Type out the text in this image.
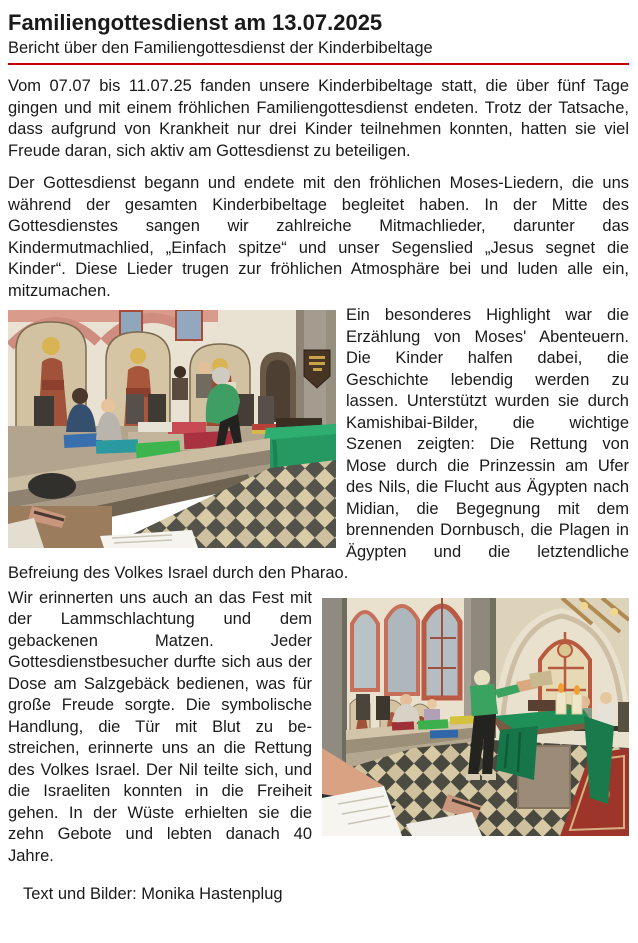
Familiengottesdienst am 13.07.2025

Bericht über den Familiengottesdienst der Kinderbibeltage

Vom 07.07 bis 11.07.25 fanden unsere Kinderbibeltage statt, die über fünf Tage gingen und mit einem fröhlichen Familiengottesdienst endeten. Trotz der Tatsache, dass aufgrund von Krankheit nur drei Kinder teilnehmen konnten, hatten sie viel Freude daran, sich aktiv am Gottesdienst zu beteiligen.

Der Gottesdienst begann und endete mit den fröhlichen Moses-Liedern, die uns während der gesamten Kinderbibeltage begleitet haben. In der Mitte des Gottesdienstes sangen wir zahlreiche Mitmachlieder, darunter das Kindermutmachlied, „Einfach spitze“ und unser Segenslied „Jesus segnet die Kinder“. Diese Lieder trugen zur fröhlichen Atmosphäre bei und luden alle ein, mitzumachen.

Ein besonderes Highlight war die Erzählung von Moses' Abenteuern. Die Kinder halfen dabei, die Geschichte lebendig werden zu lassen. Unterstützt wurden sie durch Kamishibai-Bilder, die wichtige Szenen zeigten: Die Rettung von Mose durch die Prinzessin am Ufer des Nils, die Flucht aus Ägypten nach Midian, die Begegnung mit dem brennenden Dornbusch, die Plagen in Ägypten und die letztendliche Befreiung des Volkes Israel durch den Pharao.

Wir erinnerten uns auch an das Fest mit der Lammschlachtung und dem gebackenen Matzen. Jeder Gottesdienstbesucher durfte sich aus der Dose am Salzgebäck bedienen, was für große Freude sorgte. Die symbolische Handlung, die Tür mit Blut zu bestreichen, erinnerte uns an die Rettung des Volkes Israel. Der Nil teilte sich, und die Israeliten konnten in die Freiheit gehen. In der Wüste erhielten sie die zehn Gebote und lebten danach 40 Jahre.

Text und Bilder: Monika Hastenplug
